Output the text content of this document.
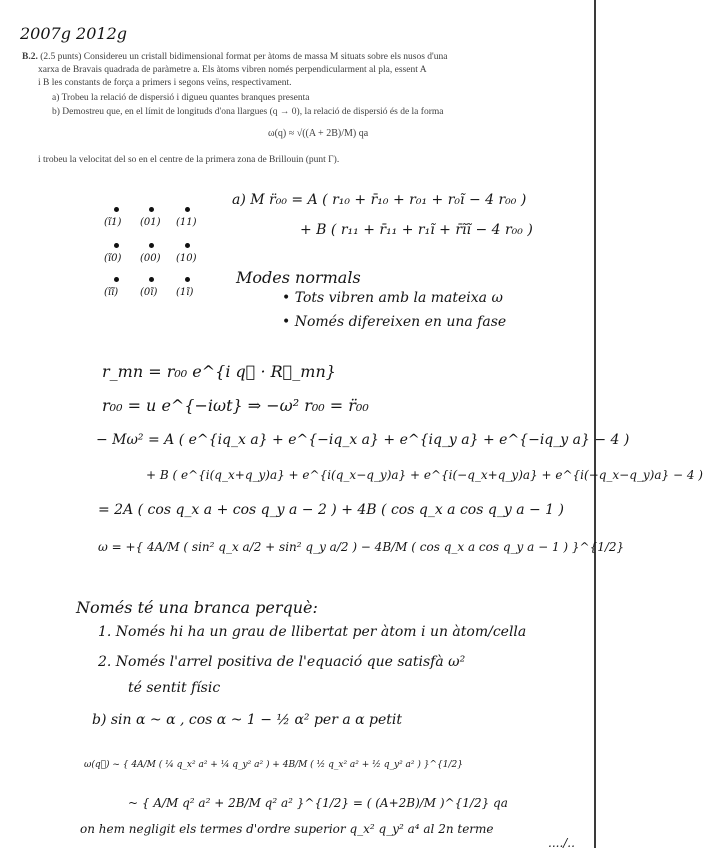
2007g 2012g
B.2. (2.5 punts) Considereu un cristall bidimensional format per àtoms de massa M situats sobre els nusos d'una
xarxa de Bravais quadrada de paràmetre a. Els àtoms vibren només perpendicularment al pla, essent A
i B les constants de força a primers i segons veïns, respectivament.
a) Trobeu la relació de dispersió i digueu quantes branques presenta
b) Demostreu que, en el límit de longituds d'ona llargues (q → 0), la relació de dispersió és de la forma
ω(q) ≈ √((A + 2B)/M) qa
i trobeu la velocitat del so en el centre de la primera zona de Brillouin (punt Γ).
(ĩ1) (01) (11)
(ĩ0) (00) (10)
(ĩĩ) (0ĩ) (1ĩ)
a) M r̈₀₀ = A ( r₁₀ + r̄₁₀ + r₀₁ + r₀ĩ − 4 r₀₀ )
+ B ( r₁₁ + r̄₁₁ + r₁ĩ + r̄ĩĩ − 4 r₀₀ )
Modes normals
• Tots vibren amb la mateixa ω
• Només difereixen en una fase
r_mn = r₀₀ e^{i q⃗ · R⃗_mn}
r₀₀ = u e^{−iωt} ⇒ −ω² r₀₀ = r̈₀₀
− Mω² = A ( e^{iq_x a} + e^{−iq_x a} + e^{iq_y a} + e^{−iq_y a} − 4 )
+ B ( e^{i(q_x+q_y)a} + e^{i(q_x−q_y)a} + e^{i(−q_x+q_y)a} + e^{i(−q_x−q_y)a} − 4 )
= 2A ( cos q_x a + cos q_y a − 2 ) + 4B ( cos q_x a cos q_y a − 1 )
ω = +{ 4A/M ( sin² q_x a/2 + sin² q_y a/2 ) − 4B/M ( cos q_x a cos q_y a − 1 ) }^{1/2}
Només té una branca perquè:
1. Només hi ha un grau de llibertat per àtom i un àtom/cella
2. Només l'arrel positiva de l'equació que satisfà ω²
té sentit físic
b) sin α ~ α , cos α ~ 1 − ½ α² per a α petit
ω(q⃗) ~ { 4A/M ( ¼ q_x² a² + ¼ q_y² a² ) + 4B/M ( ½ q_x² a² + ½ q_y² a² ) }^{1/2}
~ { A/M q² a² + 2B/M q² a² }^{1/2} = ( (A+2B)/M )^{1/2} qa
on hem negligit els termes d'ordre superior q_x² q_y² a⁴ al 2n terme
..../..
